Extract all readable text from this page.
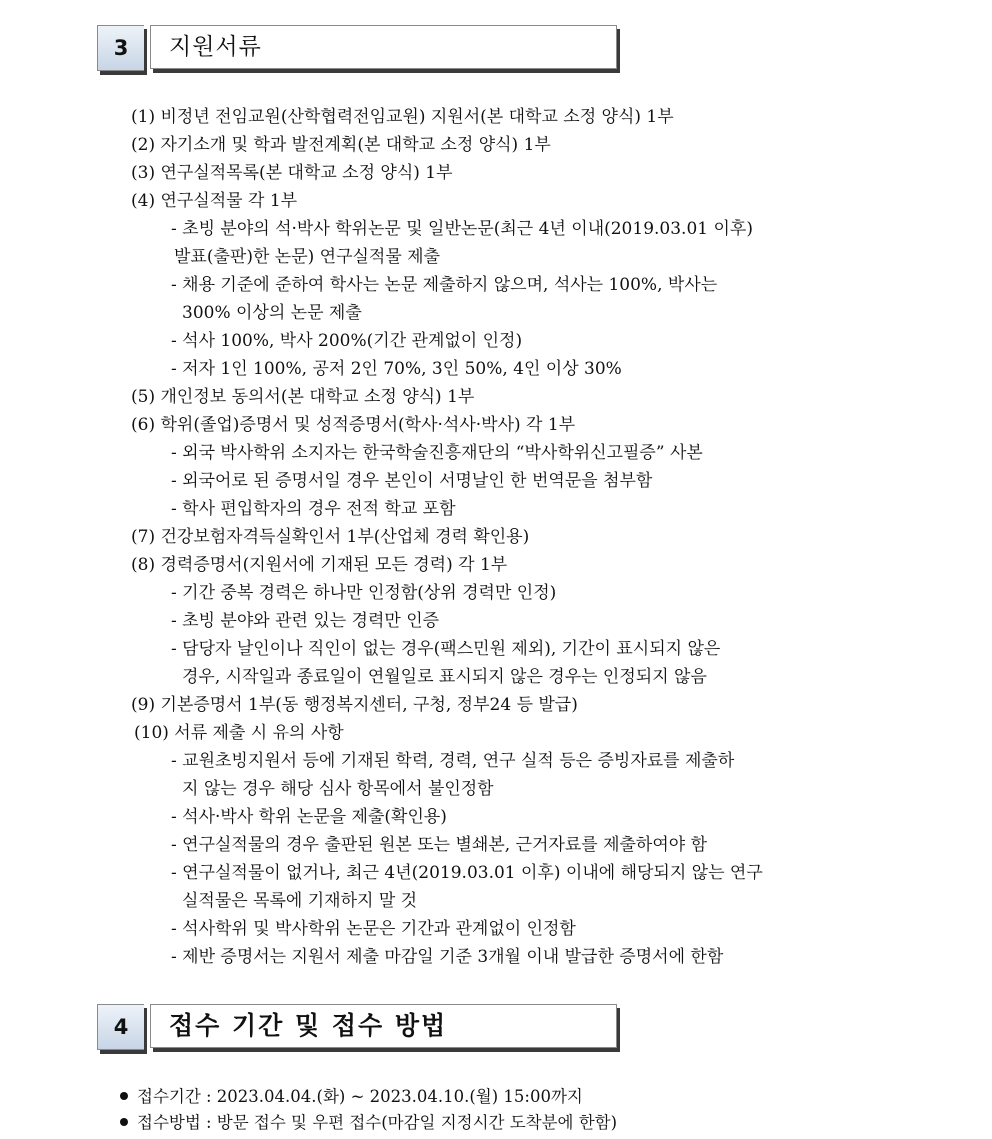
3	지원서류
(1) 비정년 전임교원(산학협력전임교원) 지원서(본 대학교 소정 양식) 1부
(2) 자기소개 및 학과 발전계획(본 대학교 소정 양식) 1부
(3) 연구실적목록(본 대학교 소정 양식) 1부
(4) 연구실적물 각 1부
- 초빙 분야의 석·박사 학위논문 및 일반논문(최근 4년 이내(2019.03.01 이후)
발표(출판)한 논문) 연구실적물 제출
- 채용 기준에 준하여 학사는 논문 제출하지 않으며, 석사는 100%, 박사는
300% 이상의 논문 제출
- 석사 100%, 박사 200%(기간 관계없이 인정)
- 저자 1인 100%, 공저 2인 70%, 3인 50%, 4인 이상 30%
(5) 개인정보 동의서(본 대학교 소정 양식) 1부
(6) 학위(졸업)증명서 및 성적증명서(학사·석사·박사) 각 1부
- 외국 박사학위 소지자는 한국학술진흥재단의 “박사학위신고필증” 사본
- 외국어로 된 증명서일 경우 본인이 서명날인 한 번역문을 첨부함
- 학사 편입학자의 경우 전적 학교 포함
(7) 건강보험자격득실확인서 1부(산업체 경력 확인용)
(8) 경력증명서(지원서에 기재된 모든 경력) 각 1부
- 기간 중복 경력은 하나만 인정함(상위 경력만 인정)
- 초빙 분야와 관련 있는 경력만 인증
- 담당자 날인이나 직인이 없는 경우(팩스민원 제외), 기간이 표시되지 않은
경우, 시작일과 종료일이 연월일로 표시되지 않은 경우는 인정되지 않음
(9) 기본증명서 1부(동 행정복지센터, 구청, 정부24 등 발급)
(10) 서류 제출 시 유의 사항
- 교원초빙지원서 등에 기재된 학력, 경력, 연구 실적 등은 증빙자료를 제출하
지 않는 경우 해당 심사 항목에서 불인정함
- 석사·박사 학위 논문을 제출(확인용)
- 연구실적물의 경우 출판된 원본 또는 별쇄본, 근거자료를 제출하여야 함
- 연구실적물이 없거나, 최근 4년(2019.03.01 이후) 이내에 해당되지 않는 연구
실적물은 목록에 기재하지 말 것
- 석사학위 및 박사학위 논문은 기간과 관계없이 인정함
- 제반 증명서는 지원서 제출 마감일 기준 3개월 이내 발급한 증명서에 한함
4	접수 기간 및 접수 방법
접수기간 : 2023.04.04.(화) ~ 2023.04.10.(월) 15:00까지
접수방법 : 방문 접수 및 우편 접수(마감일 지정시간 도착분에 한함)
